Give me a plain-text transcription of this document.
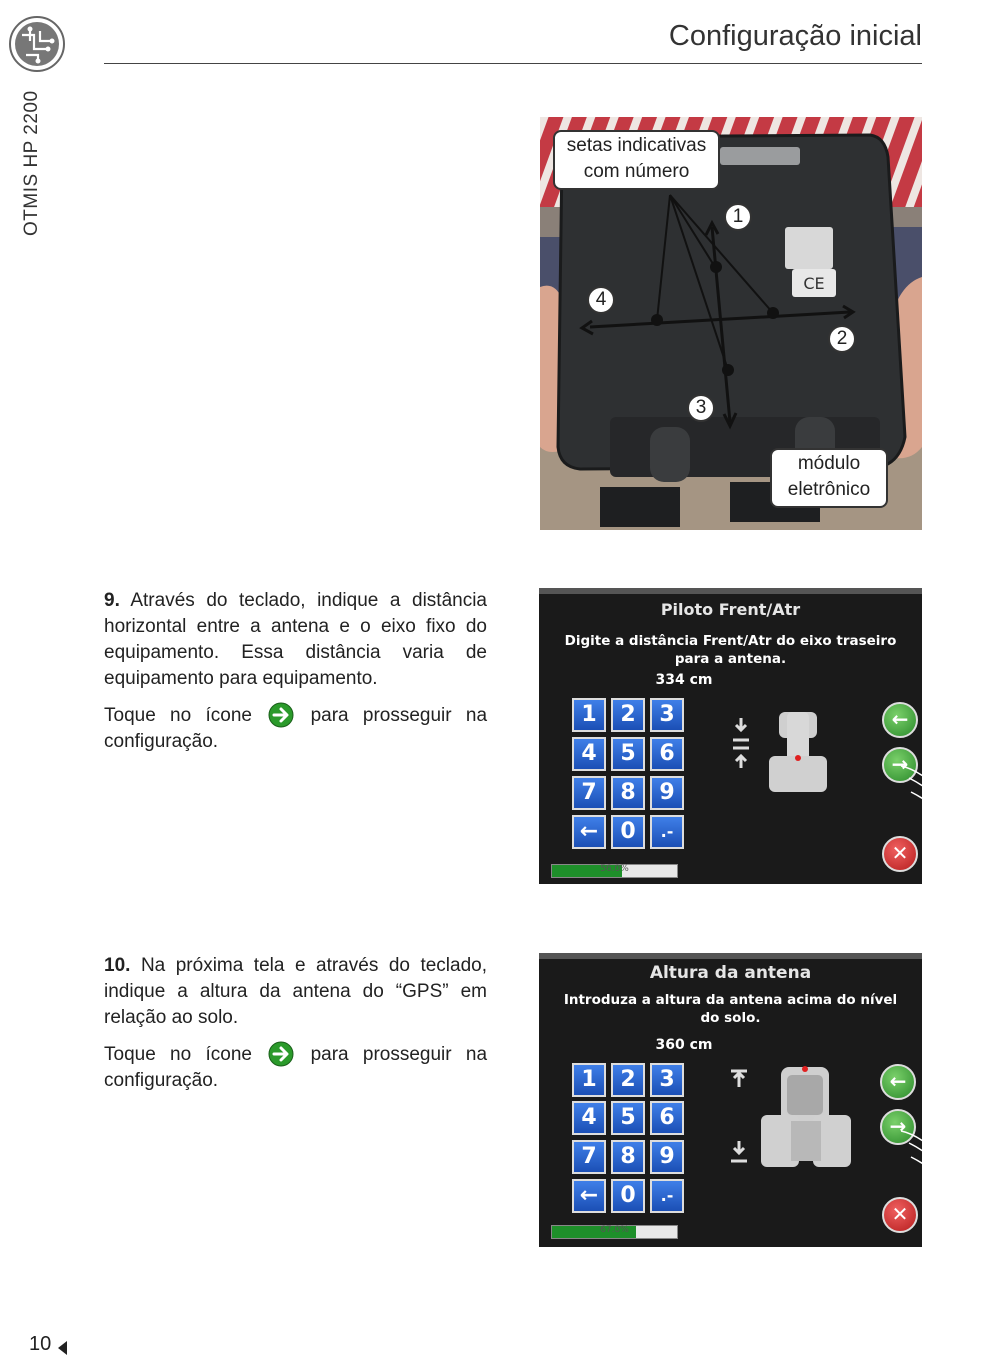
OTMIS HP 2200
Configuração inicial
CE
setas indicativas com número
módulo eletrônico
1
2
3
4
9. Através do teclado, indique a distância horizontal entre a antena e o eixo fixo do equipamento. Essa distância varia de equipamento para equipamento.
Toque no ícone	para prosseguir na configuração.
Piloto Frent/Atr
Digite a distância Frent/Atr do eixo traseiro para a antena.
334 cm
1	2	3
4	5	6
7	8	9
←	0	.-
←
→
✕
56.0%
10. Na próxima tela e através do teclado, indique a altura da antena do “GPS” em relação ao solo.
Toque no ícone	para prosseguir na configuração.
Altura da antena
Introduza a altura da antena acima do nível do solo.
360 cm
1	2	3
4	5	6
7	8	9
←	0	.-
←
→
✕
67.0%
10
